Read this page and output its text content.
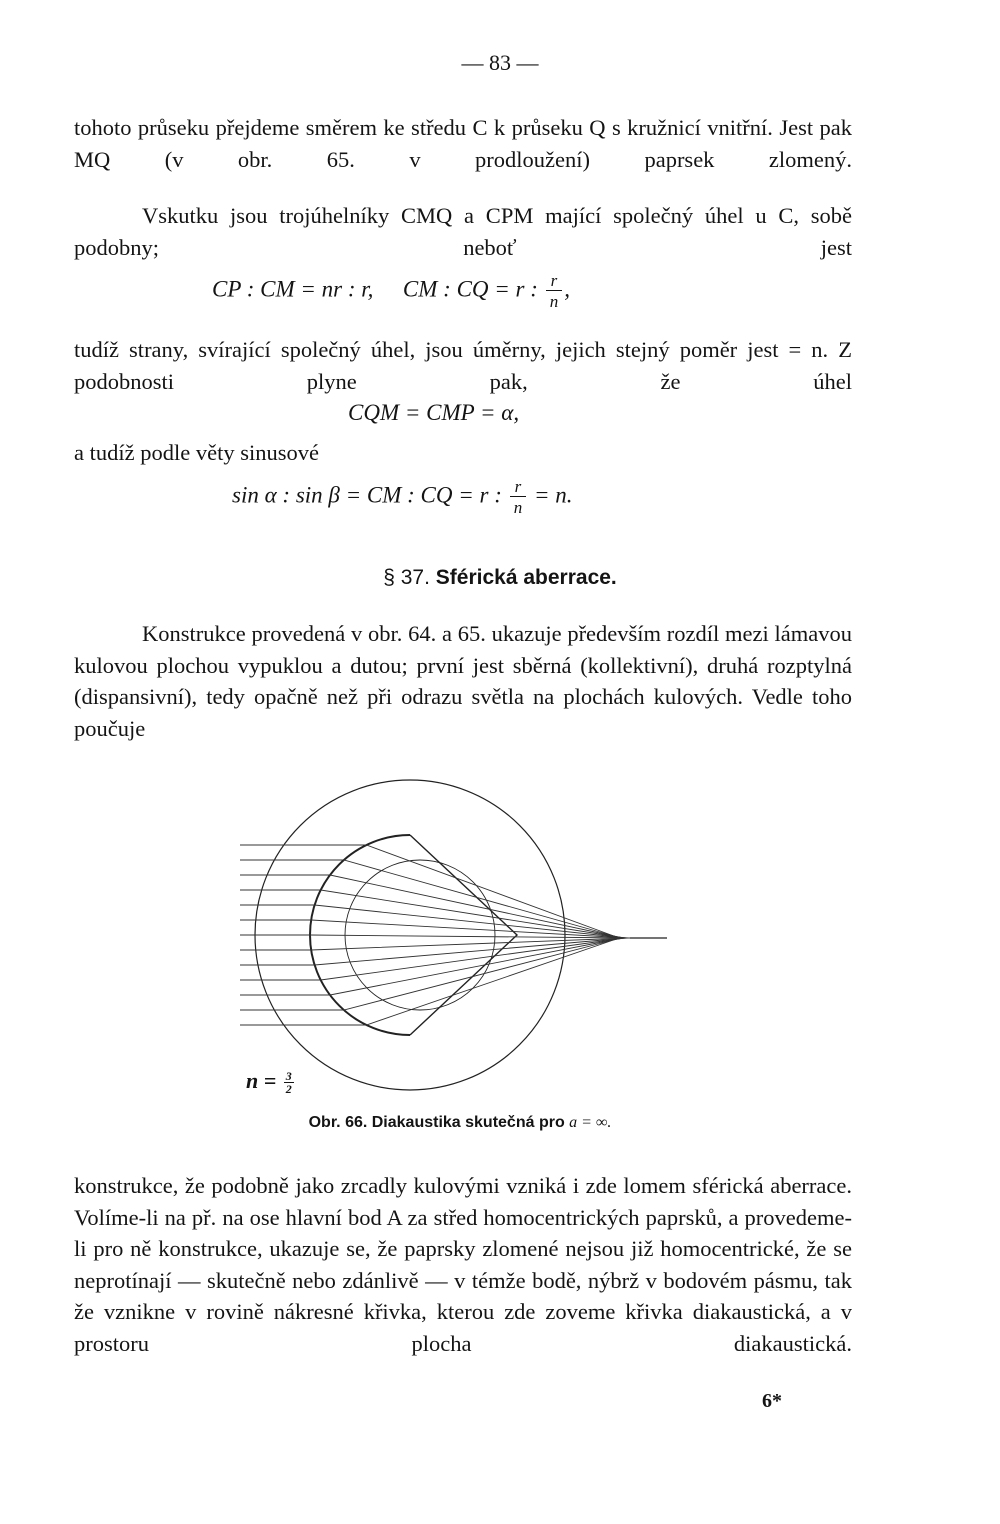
— 83 —
tohoto průseku přejdeme směrem ke středu C k průseku Q s kružnicí vnitřní. Jest pak MQ (v obr. 65. v prodloužení) paprsek zlomený.
Vskutku jsou trojúhelníky CMQ a CPM mající společný úhel u C, sobě podobny; neboť jest
CP : CM = nr : r, CM : CQ = r : $\frac{r}{n}$ ,
tudíž strany, svírající společný úhel, jsou úměrny, jejich stejný poměr jest = n. Z podobnosti plyne pak, že úhel
CQM = CMP = α,
a tudíž podle věty sinusové
sin α : sin β = CM : CQ = r : $\frac{r}{n} = n$.
§ 37. Sférická aberrace.
Konstrukce provedená v obr. 64. a 65. ukazuje především rozdíl mezi lámavou kulovou plochou vypuklou a dutou; první jest sběrná (kollektivní), druhá rozptylná (dispansivní), tedy opačně než při odrazu světla na plochách kulových. Vedle toho poučuje
$n = \frac{3}{2}$
Obr. 66. Diakaustika skutečná pro a = ∞.
konstrukce, že podobně jako zrcadly kulovými vzniká i zde lomem sférická aberrace. Volíme-li na př. na ose hlavní bod A za střed homocentrických paprsků, a provedeme-li pro ně konstrukce, ukazuje se, že paprsky zlomené nejsou již homocentrické, že se neprotínají — skutečně nebo zdánlivě — v témže bodě, nýbrž v bodovém pásmu, tak že vznikne v rovině nákresné křivka, kterou zde zoveme křivka diakaustická, a v prostoru plocha diakaustická.
6*
